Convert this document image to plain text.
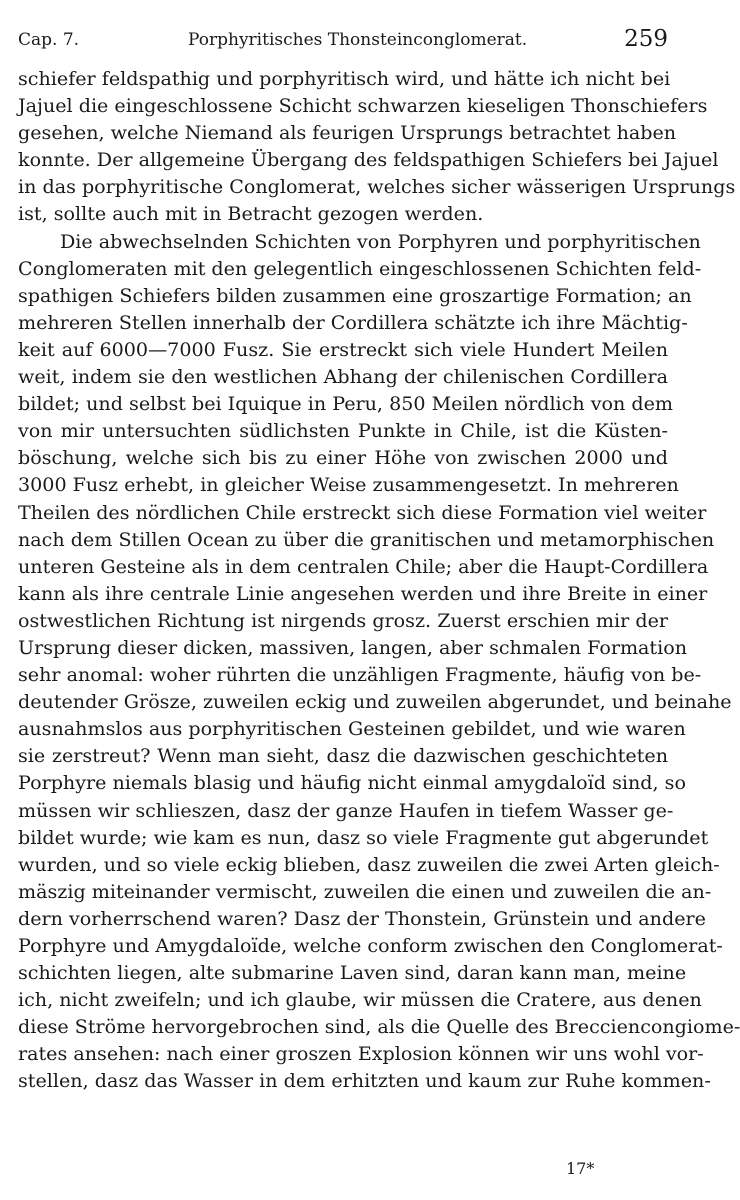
Cap. 7.	Porphyritisches Thonsteinconglomerat.	259
schiefer feldspathig und porphyritisch wird, und hätte ich nicht bei
Jajuel die eingeschlossene Schicht schwarzen kieseligen Thonschiefers
gesehen, welche Niemand als feurigen Ursprungs betrachtet haben
konnte. Der allgemeine Übergang des feldspathigen Schiefers bei Jajuel
in das porphyritische Conglomerat, welches sicher wässerigen Ursprungs
ist, sollte auch mit in Betracht gezogen werden.
Die abwechselnden Schichten von Porphyren und porphyritischen
Conglomeraten mit den gelegentlich eingeschlossenen Schichten feld-
spathigen Schiefers bilden zusammen eine groszartige Formation; an
mehreren Stellen innerhalb der Cordillera schätzte ich ihre Mächtig-
keit auf 6000—7000 Fusz. Sie erstreckt sich viele Hundert Meilen
weit, indem sie den westlichen Abhang der chilenischen Cordillera
bildet; und selbst bei Iquique in Peru, 850 Meilen nördlich von dem
von mir untersuchten südlichsten Punkte in Chile, ist die Küsten-
böschung, welche sich bis zu einer Höhe von zwischen 2000 und
3000 Fusz erhebt, in gleicher Weise zusammengesetzt. In mehreren
Theilen des nördlichen Chile erstreckt sich diese Formation viel weiter
nach dem Stillen Ocean zu über die granitischen und metamorphischen
unteren Gesteine als in dem centralen Chile; aber die Haupt-Cordillera
kann als ihre centrale Linie angesehen werden und ihre Breite in einer
ostwestlichen Richtung ist nirgends grosz. Zuerst erschien mir der
Ursprung dieser dicken, massiven, langen, aber schmalen Formation
sehr anomal: woher rührten die unzähligen Fragmente, häufig von be-
deutender Grösze, zuweilen eckig und zuweilen abgerundet, und beinahe
ausnahmslos aus porphyritischen Gesteinen gebildet, und wie waren
sie zerstreut? Wenn man sieht, dasz die dazwischen geschichteten
Porphyre niemals blasig und häufig nicht einmal amygdaloïd sind, so
müssen wir schlieszen, dasz der ganze Haufen in tiefem Wasser ge-
bildet wurde; wie kam es nun, dasz so viele Fragmente gut abgerundet
wurden, und so viele eckig blieben, dasz zuweilen die zwei Arten gleich-
mäszig miteinander vermischt, zuweilen die einen und zuweilen die an-
dern vorherrschend waren? Dasz der Thonstein, Grünstein und andere
Porphyre und Amygdaloïde, welche conform zwischen den Conglomerat-
schichten liegen, alte submarine Laven sind, daran kann man, meine
ich, nicht zweifeln; und ich glaube, wir müssen die Cratere, aus denen
diese Ströme hervorgebrochen sind, als die Quelle des Brecciencongiome-
rates ansehen: nach einer groszen Explosion können wir uns wohl vor-
stellen, dasz das Wasser in dem erhitzten und kaum zur Ruhe kommen-
17*
